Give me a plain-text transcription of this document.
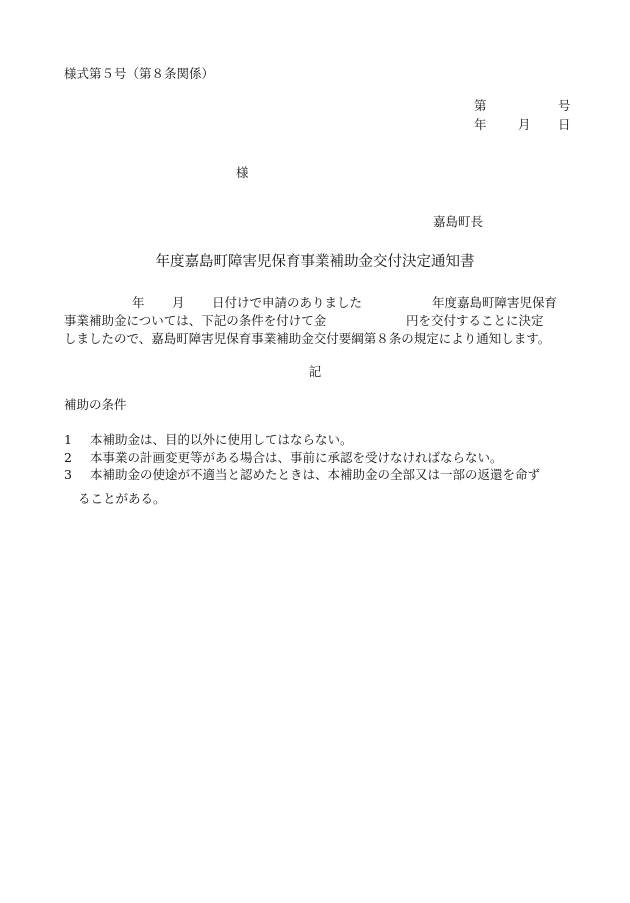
様式第５号（第８条関係）
第	号
年	月 日
様
嘉島町長
年度嘉島町障害児保育事業補助金交付決定通知書
年 月 日付けで申請のありました	年度嘉島町障害児保育
事業補助金については、下記の条件を付けて金	円を交付することに決定
しましたので、嘉島町障害児保育事業補助金交付要綱第８条の規定により通知します。
記
補助の条件
1 本補助金は、目的以外に使用してはならない。
2 本事業の計画変更等がある場合は、事前に承認を受けなければならない。
3 本補助金の使途が不適当と認めたときは、本補助金の全部又は一部の返還を命ず
ることがある。
